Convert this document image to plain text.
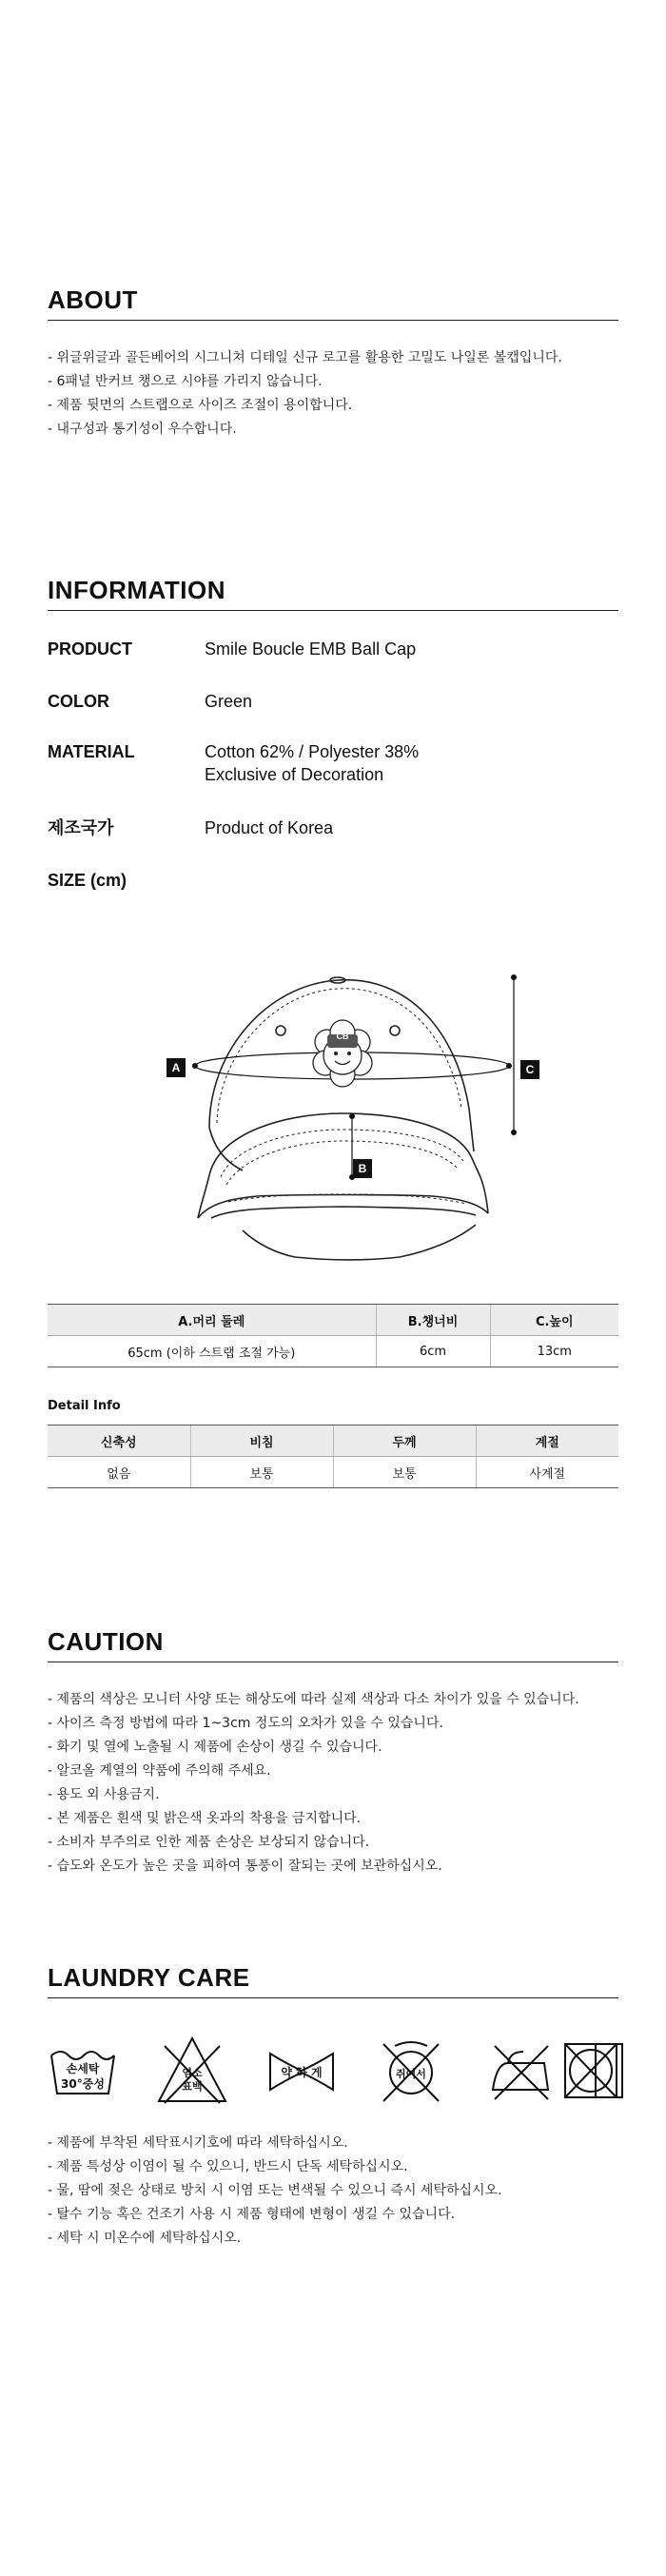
ABOUT
- 위글위글과 골든베어의 시그니쳐 디테일 신규 로고를 활용한 고밀도 나일론 볼캡입니다.
- 6패널 반커브 챙으로 시야를 가리지 않습니다.
- 제품 뒷면의 스트랩으로 사이즈 조절이 용이합니다.
- 내구성과 통기성이 우수합니다.
INFORMATION
PRODUCT	Smile Boucle EMB Ball Cap
COLOR	Green
MATERIAL	Cotton 62% / Polyester 38%
Exclusive of Decoration
제조국가	Product of Korea
SIZE (cm)
CB
A	C
B
A.머리 둘레	B.챙너비	C.높이
65cm (이하 스트랩 조절 가능)	6cm	13cm
Detail Info
신축성	비침	두께	계절
없음	보통	보통	사계절
CAUTION
- 제품의 색상은 모니터 사양 또는 해상도에 따라 실제 색상과 다소 차이가 있을 수 있습니다.
- 사이즈 측정 방법에 따라 1~3cm 정도의 오차가 있을 수 있습니다.
- 화기 및 열에 노출될 시 제품에 손상이 생길 수 있습니다.
- 알코올 계열의 약품에 주의해 주세요.
- 용도 외 사용금지.
- 본 제품은 흰색 및 밝은색 옷과의 착용을 금지합니다.
- 소비자 부주의로 인한 제품 손상은 보상되지 않습니다.
- 습도와 온도가 높은 곳을 피하여 통풍이 잘되는 곳에 보관하십시오.
LAUNDRY CARE
손세탁
30°중성
염소
표백
약 하 게	쥐어서
- 제품에 부착된 세탁표시기호에 따라 세탁하십시오.
- 제품 특성상 이염이 될 수 있으니, 반드시 단독 세탁하십시오.
- 물, 땀에 젖은 상태로 방치 시 이염 또는 변색될 수 있으니 즉시 세탁하십시오.
- 탈수 기능 혹은 건조기 사용 시 제품 형태에 변형이 생길 수 있습니다.
- 세탁 시 미온수에 세탁하십시오.
